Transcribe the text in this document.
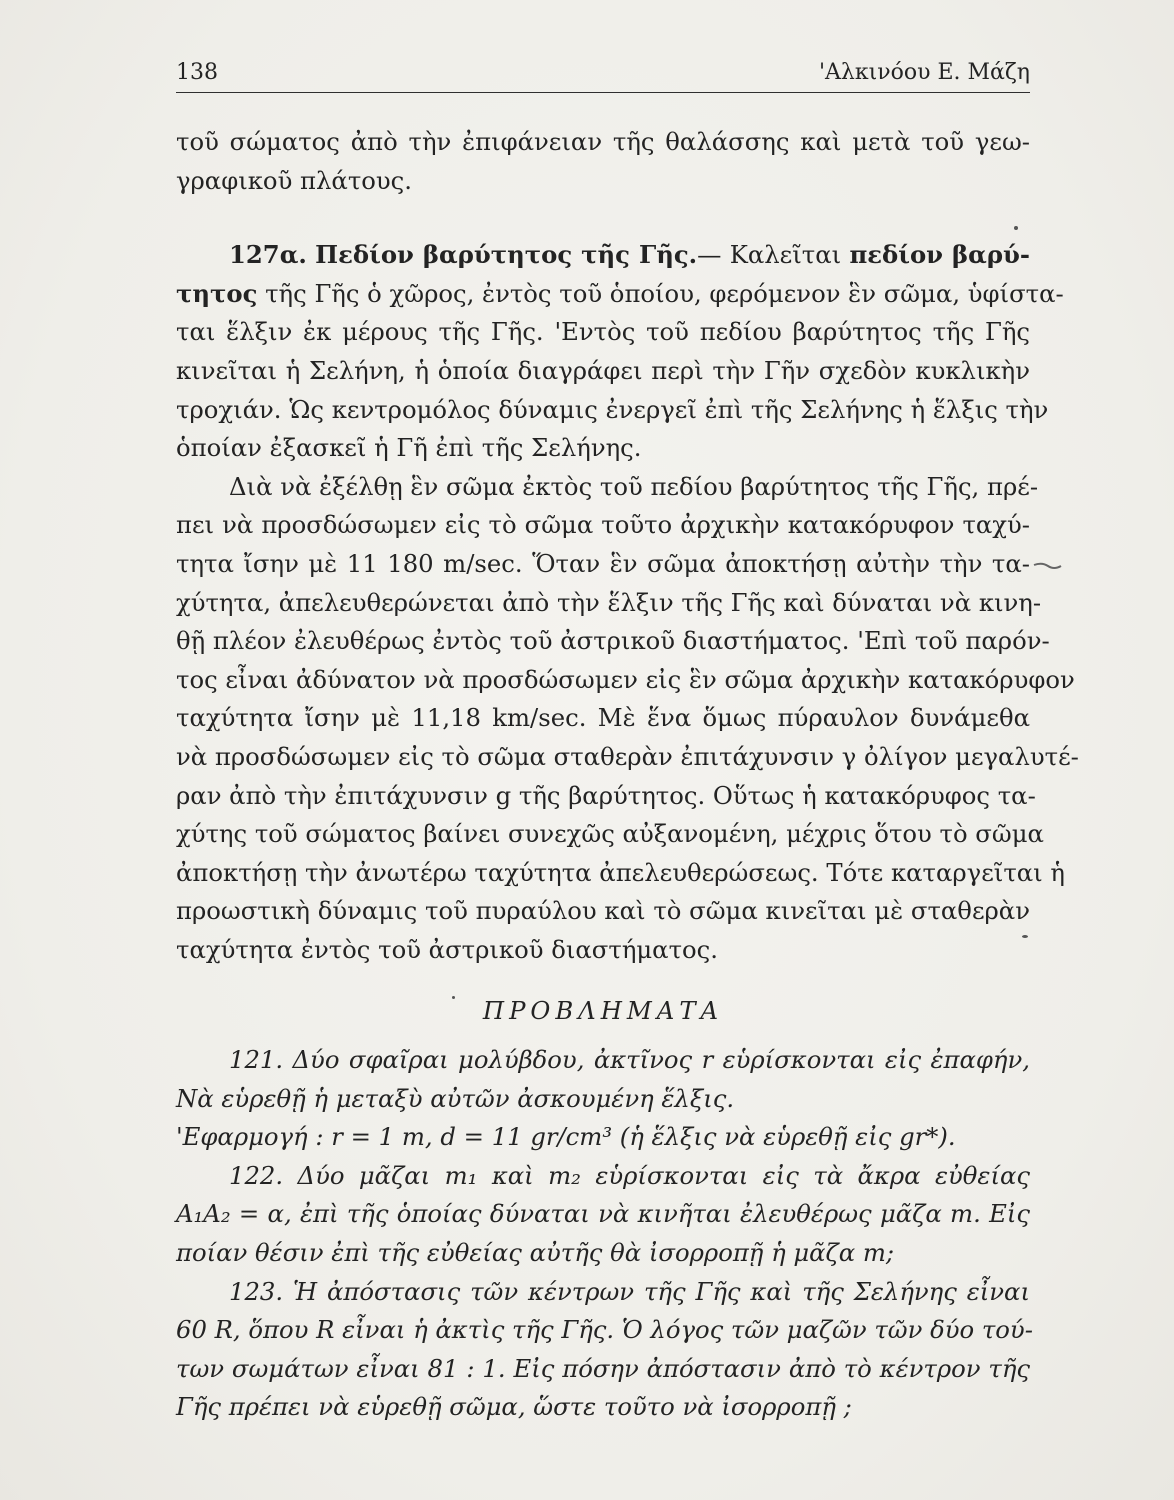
138	'Αλκινόου Ε. Μάζη
τοῦ σώματος ἀπὸ τὴν ἐπιφάνειαν τῆς θαλάσσης καὶ μετὰ τοῦ γεω-
γραφικοῦ πλάτους.
127α. Πεδίον βαρύτητος τῆς Γῆς.— Καλεῖται πεδίον βαρύ-
τητος τῆς Γῆς ὁ χῶρος, ἐντὸς τοῦ ὁποίου, φερόμενον ἓν σῶμα, ὑφίστα-
ται ἕλξιν ἐκ μέρους τῆς Γῆς. 'Εντὸς τοῦ πεδίου βαρύτητος τῆς Γῆς
κινεῖται ἡ Σελήνη, ἡ ὁποία διαγράφει περὶ τὴν Γῆν σχεδὸν κυκλικὴν
τροχιάν. Ὡς κεντρομόλος δύναμις ἐνεργεῖ ἐπὶ τῆς Σελήνης ἡ ἕλξις τὴν
ὁποίαν ἐξασκεῖ ἡ Γῆ ἐπὶ τῆς Σελήνης.
Διὰ νὰ ἐξέλθῃ ἓν σῶμα ἐκτὸς τοῦ πεδίου βαρύτητος τῆς Γῆς, πρέ-
πει νὰ προσδώσωμεν εἰς τὸ σῶμα τοῦτο ἀρχικὴν κατακόρυφον ταχύ-
τητα ἴσην μὲ 11 180 m/sec. Ὅταν ἓν σῶμα ἀποκτήσῃ αὐτὴν τὴν τα-
χύτητα, ἀπελευθερώνεται ἀπὸ τὴν ἕλξιν τῆς Γῆς καὶ δύναται νὰ κινη-
θῇ πλέον ἐλευθέρως ἐντὸς τοῦ ἀστρικοῦ διαστήματος. 'Επὶ τοῦ παρόν-
τος εἶναι ἀδύνατον νὰ προσδώσωμεν εἰς ἓν σῶμα ἀρχικὴν κατακόρυφον
ταχύτητα ἴσην μὲ 11,18 km/sec. Μὲ ἕνα ὅμως πύραυλον δυνάμεθα
νὰ προσδώσωμεν εἰς τὸ σῶμα σταθερὰν ἐπιτάχυνσιν γ ὀλίγον μεγαλυτέ-
ραν ἀπὸ τὴν ἐπιτάχυνσιν g τῆς βαρύτητος. Οὕτως ἡ κατακόρυφος τα-
χύτης τοῦ σώματος βαίνει συνεχῶς αὐξανομένη, μέχρις ὅτου τὸ σῶμα
ἀποκτήσῃ τὴν ἀνωτέρω ταχύτητα ἀπελευθερώσεως. Τότε καταργεῖται ἡ
προωστικὴ δύναμις τοῦ πυραύλου καὶ τὸ σῶμα κινεῖται μὲ σταθερὰν
ταχύτητα ἐντὸς τοῦ ἀστρικοῦ διαστήματος.
ΠΡΟΒΛΗΜΑΤΑ
121. Δύο σφαῖραι μολύβδου, ἀκτῖνος r εὑρίσκονται εἰς ἐπαφήν,
Νὰ εὑρεθῇ ἡ μεταξὺ αὐτῶν ἀσκουμένη ἕλξις.
'Εφαρμογή : r = 1 m, d = 11 gr/cm³ (ἡ ἕλξις νὰ εὑρεθῇ εἰς gr*).
122. Δύο μᾶζαι m₁ καὶ m₂ εὑρίσκονται εἰς τὰ ἄκρα εὐθείας
A₁A₂ = α, ἐπὶ τῆς ὁποίας δύναται νὰ κινῆται ἐλευθέρως μᾶζα m. Εἰς
ποίαν θέσιν ἐπὶ τῆς εὐθείας αὐτῆς θὰ ἰσορροπῇ ἡ μᾶζα m;
123. Ἡ ἀπόστασις τῶν κέντρων τῆς Γῆς καὶ τῆς Σελήνης εἶναι
60 R, ὅπου R εἶναι ἡ ἀκτὶς τῆς Γῆς. Ὁ λόγος τῶν μαζῶν τῶν δύο τού-
των σωμάτων εἶναι 81 : 1. Εἰς πόσην ἀπόστασιν ἀπὸ τὸ κέντρον τῆς
Γῆς πρέπει νὰ εὑρεθῇ σῶμα, ὥστε τοῦτο νὰ ἰσορροπῇ ;
